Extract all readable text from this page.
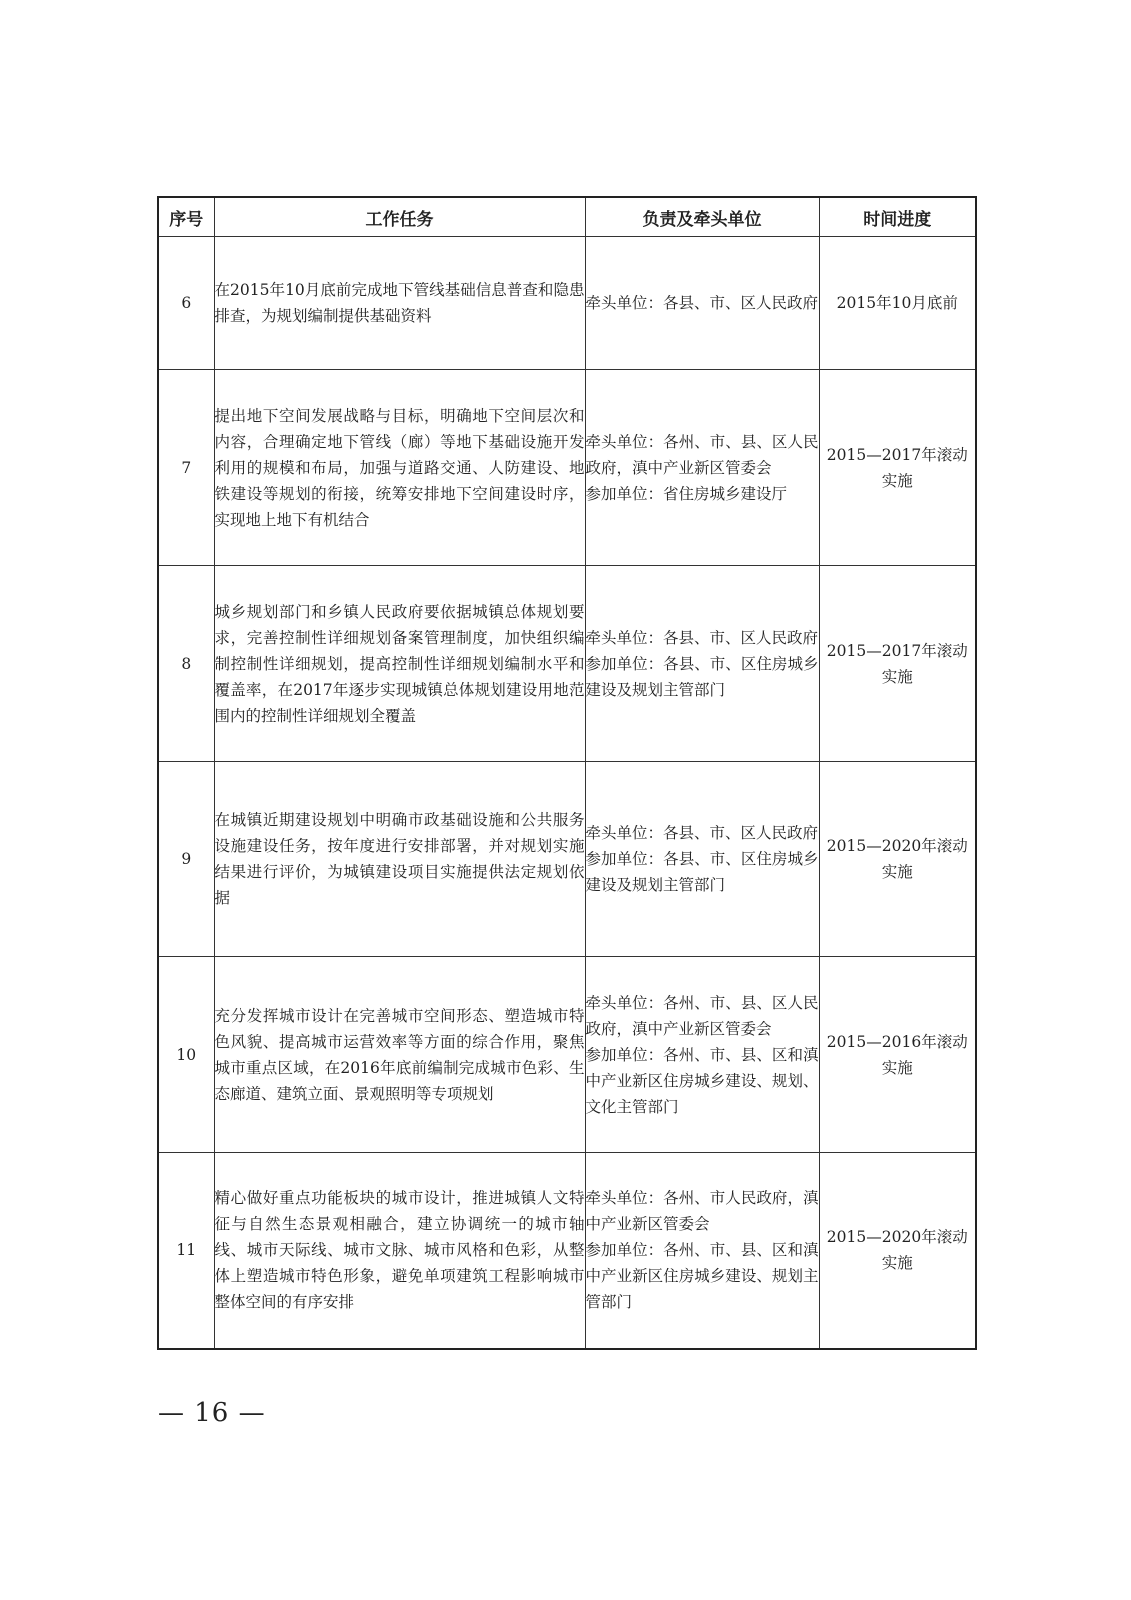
序号	工作任务	负责及牵头单位	时间进度
6	在2015年10月底前完成地下管线基础信息普查和隐患排查，为规划编制提供基础资料	牵头单位：各县、市、区人民政府	2015年10月底前
7	提出地下空间发展战略与目标，明确地下空间层次和内容，合理确定地下管线（廊）等地下基础设施开发利用的规模和布局，加强与道路交通、人防建设、地铁建设等规划的衔接，统筹安排地下空间建设时序，实现地上地下有机结合	牵头单位：各州、市、县、区人民政府，滇中产业新区管委会
参加单位：省住房城乡建设厅	2015—2017年滚动实施
8	城乡规划部门和乡镇人民政府要依据城镇总体规划要求，完善控制性详细规划备案管理制度，加快组织编制控制性详细规划，提高控制性详细规划编制水平和覆盖率，在2017年逐步实现城镇总体规划建设用地范围内的控制性详细规划全覆盖	牵头单位：各县、市、区人民政府
参加单位：各县、市、区住房城乡建设及规划主管部门	2015—2017年滚动实施
9	在城镇近期建设规划中明确市政基础设施和公共服务设施建设任务，按年度进行安排部署，并对规划实施结果进行评价，为城镇建设项目实施提供法定规划依据	牵头单位：各县、市、区人民政府
参加单位：各县、市、区住房城乡建设及规划主管部门	2015—2020年滚动实施
10	充分发挥城市设计在完善城市空间形态、塑造城市特色风貌、提高城市运营效率等方面的综合作用，聚焦城市重点区域，在2016年底前编制完成城市色彩、生态廊道、建筑立面、景观照明等专项规划	牵头单位：各州、市、县、区人民政府，滇中产业新区管委会
参加单位：各州、市、县、区和滇中产业新区住房城乡建设、规划、文化主管部门	2015—2016年滚动实施
11	精心做好重点功能板块的城市设计，推进城镇人文特征与自然生态景观相融合，建立协调统一的城市轴线、城市天际线、城市文脉、城市风格和色彩，从整体上塑造城市特色形象，避免单项建筑工程影响城市整体空间的有序安排	牵头单位：各州、市人民政府，滇中产业新区管委会
参加单位：各州、市、县、区和滇中产业新区住房城乡建设、规划主管部门	2015—2020年滚动实施
— 16 —
